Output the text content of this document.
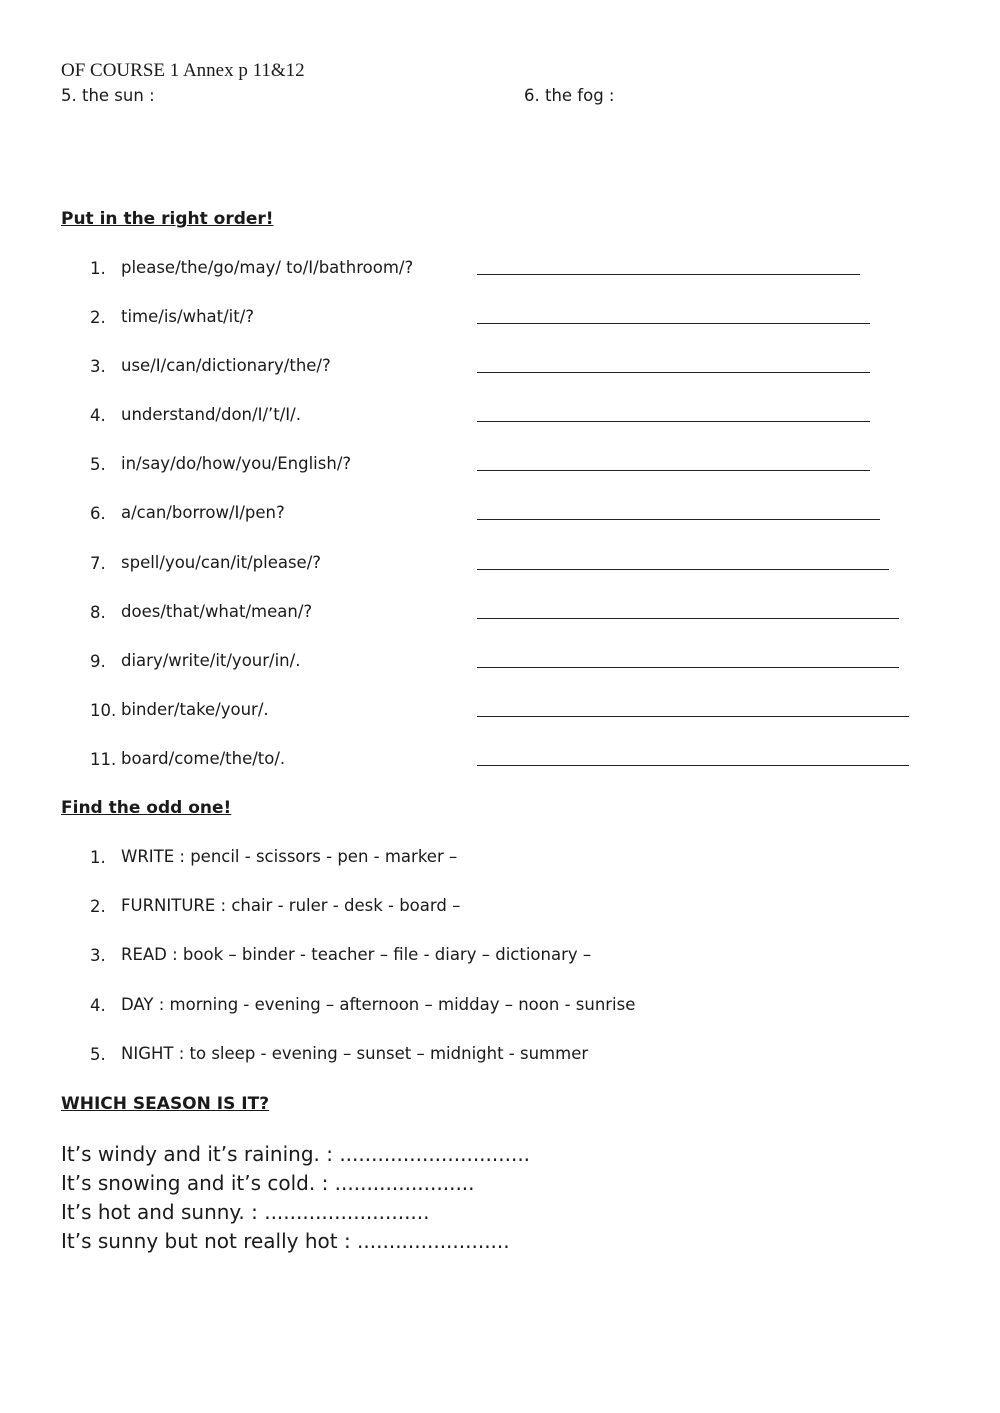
OF COURSE 1 Annex p 11&12
5. the sun :	6. the fog :
Put in the right order!
1. please/the/go/may/ to/I/bathroom/?
2. time/is/what/it/?
3. use/I/can/dictionary/the/?
4. understand/don/I/’t/I/.
5. in/say/do/how/you/English/?
6. a/can/borrow/I/pen?
7. spell/you/can/it/please/?
8. does/that/what/mean/?
9. diary/write/it/your/in/.
10. binder/take/your/.
11. board/come/the/to/.
Find the odd one!
1. WRITE : pencil - scissors - pen - marker –
2. FURNITURE : chair - ruler - desk - board –
3. READ : book – binder - teacher – file - diary – dictionary –
4. DAY : morning - evening – afternoon – midday – noon - sunrise
5. NIGHT : to sleep - evening – sunset – midnight - summer
WHICH SEASON IS IT?
It’s windy and it’s raining. : ..............................
It’s snowing and it’s cold. : ......................
It’s hot and sunny. : ..........................
It’s sunny but not really hot : ........................
